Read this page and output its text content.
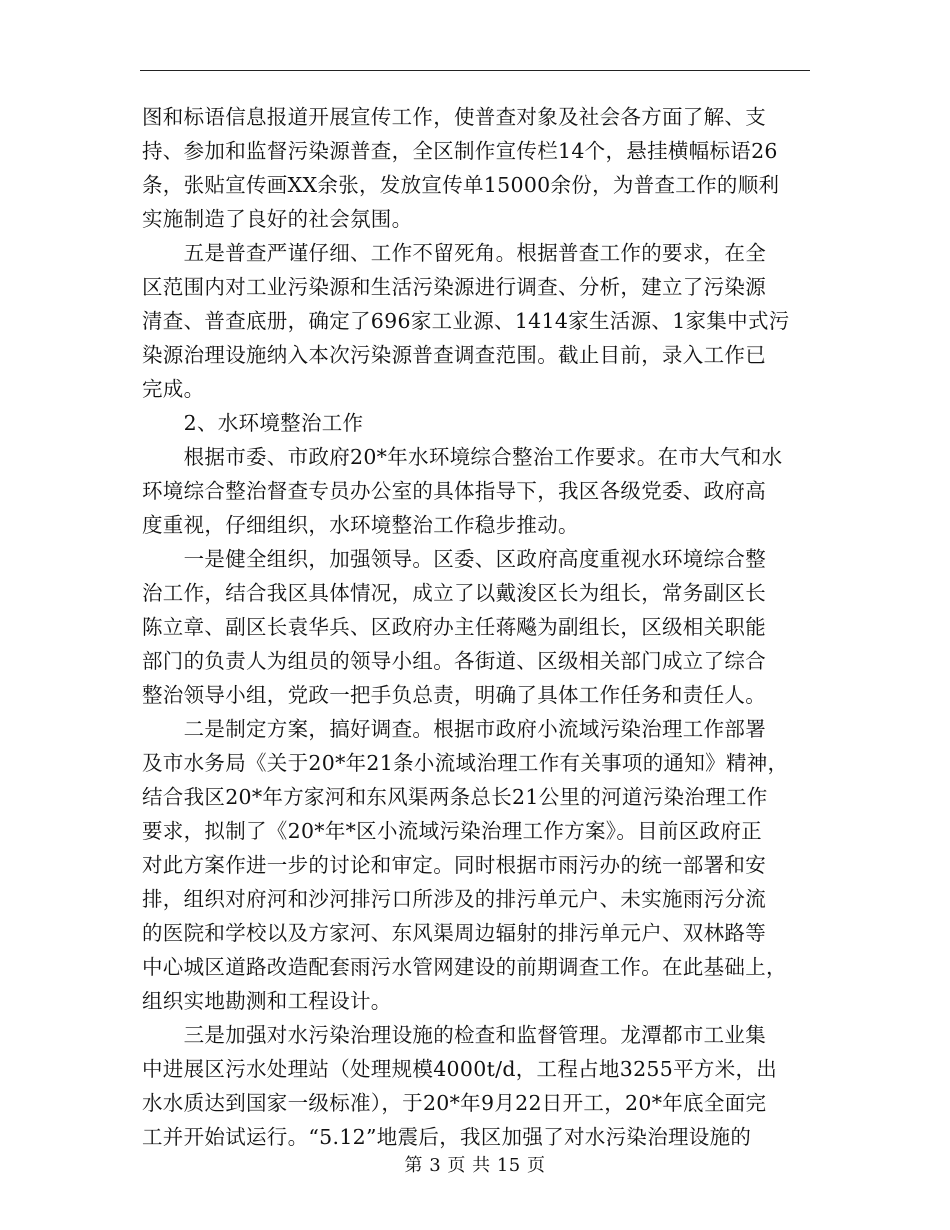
图和标语信息报道开展宣传工作，使普查对象及社会各方面了解、支
持、参加和监督污染源普查，全区制作宣传栏14个，悬挂横幅标语26
条，张贴宣传画XX余张，发放宣传单15000余份，为普查工作的顺利
实施制造了良好的社会氛围。
　　五是普查严谨仔细、工作不留死角。根据普查工作的要求，在全
区范围内对工业污染源和生活污染源进行调查、分析，建立了污染源
清查、普查底册，确定了696家工业源、1414家生活源、1家集中式污
染源治理设施纳入本次污染源普查调查范围。截止目前，录入工作已
完成。
　　2、水环境整治工作
　　根据市委、市政府20*年水环境综合整治工作要求。在市大气和水
环境综合整治督查专员办公室的具体指导下，我区各级党委、政府高
度重视，仔细组织，水环境整治工作稳步推动。
　　一是健全组织，加强领导。区委、区政府高度重视水环境综合整
治工作，结合我区具体情况，成立了以戴浚区长为组长，常务副区长
陈立章、副区长袁华兵、区政府办主任蒋飚为副组长，区级相关职能
部门的负责人为组员的领导小组。各街道、区级相关部门成立了综合
整治领导小组，党政一把手负总责，明确了具体工作任务和责任人。
　　二是制定方案，搞好调查。根据市政府小流域污染治理工作部署
及市水务局《关于20*年21条小流域治理工作有关事项的通知》精神，
结合我区20*年方家河和东风渠两条总长21公里的河道污染治理工作
要求，拟制了《20*年*区小流域污染治理工作方案》。目前区政府正
对此方案作进一步的讨论和审定。同时根据市雨污办的统一部署和安
排，组织对府河和沙河排污口所涉及的排污单元户、未实施雨污分流
的医院和学校以及方家河、东风渠周边辐射的排污单元户、双林路等
中心城区道路改造配套雨污水管网建设的前期调查工作。在此基础上，
组织实地勘测和工程设计。
　　三是加强对水污染治理设施的检查和监督管理。龙潭都市工业集
中进展区污水处理站（处理规模4000t/d，工程占地3255平方米，出
水水质达到国家一级标准），于20*年9月22日开工，20*年底全面完
工并开始试运行。“5.12”地震后，我区加强了对水污染治理设施的
第 3 页 共 15 页
